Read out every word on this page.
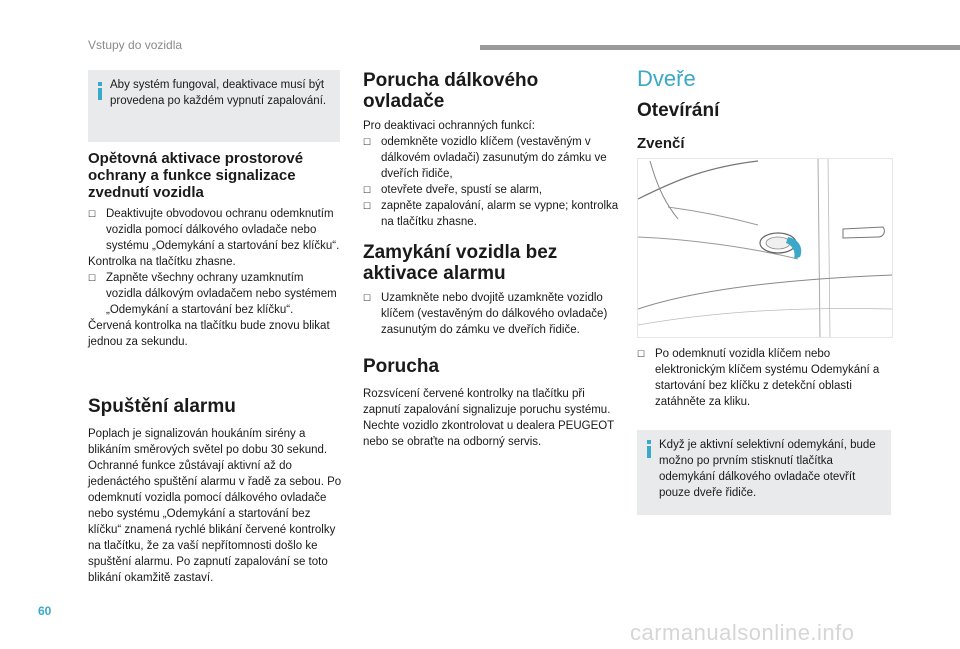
Vstupy do vozidla
Aby systém fungoval, deaktivace musí být provedena po každém vypnutí zapalování.
Opětovná aktivace prostorové ochrany a funkce signalizace zvednutí vozidla
☐ Deaktivujte obvodovou ochranu odemknutím vozidla pomocí dálkového ovladače nebo systému „Odemykání a startování bez klíčku“.
Kontrolka na tlačítku zhasne.
☐ Zapněte všechny ochrany uzamknutím vozidla dálkovým ovladačem nebo systémem „Odemykání a startování bez klíčku“.
Červená kontrolka na tlačítku bude znovu blikat jednou za sekundu.
Spuštění alarmu
Poplach je signalizován houkáním sirény a blikáním směrových světel po dobu 30 sekund. Ochranné funkce zůstávají aktivní až do jedenáctého spuštění alarmu v řadě za sebou. Po odemknutí vozidla pomocí dálkového ovladače nebo systému „Odemykání a startování bez klíčku“ znamená rychlé blikání červené kontrolky na tlačítku, že za vaší nepřítomnosti došlo ke spuštění alarmu. Po zapnutí zapalování se toto blikání okamžitě zastaví.
Porucha dálkového ovladače
Pro deaktivaci ochranných funkcí:
☐ odemkněte vozidlo klíčem (vestavěným v dálkovém ovladači) zasunutým do zámku ve dveřích řidiče,
☐ otevřete dveře, spustí se alarm,
☐ zapněte zapalování, alarm se vypne; kontrolka na tlačítku zhasne.
Zamykání vozidla bez aktivace alarmu
☐ Uzamkněte nebo dvojitě uzamkněte vozidlo klíčem (vestavěným do dálkového ovladače) zasunutým do zámku ve dveřích řidiče.
Porucha
Rozsvícení červené kontrolky na tlačítku při zapnutí zapalování signalizuje poruchu systému.
Nechte vozidlo zkontrolovat u dealera PEUGEOT nebo se obraťte na odborný servis.
Dveře
Otevírání
Zvenčí
☐ Po odemknutí vozidla klíčem nebo elektronickým klíčem systému Odemykání a startování bez klíčku z detekční oblasti zatáhněte za kliku.
Když je aktivní selektivní odemykání, bude možno po prvním stisknutí tlačítka odemykání dálkového ovladače otevřít pouze dveře řidiče.
60
carmanualsonline.info
